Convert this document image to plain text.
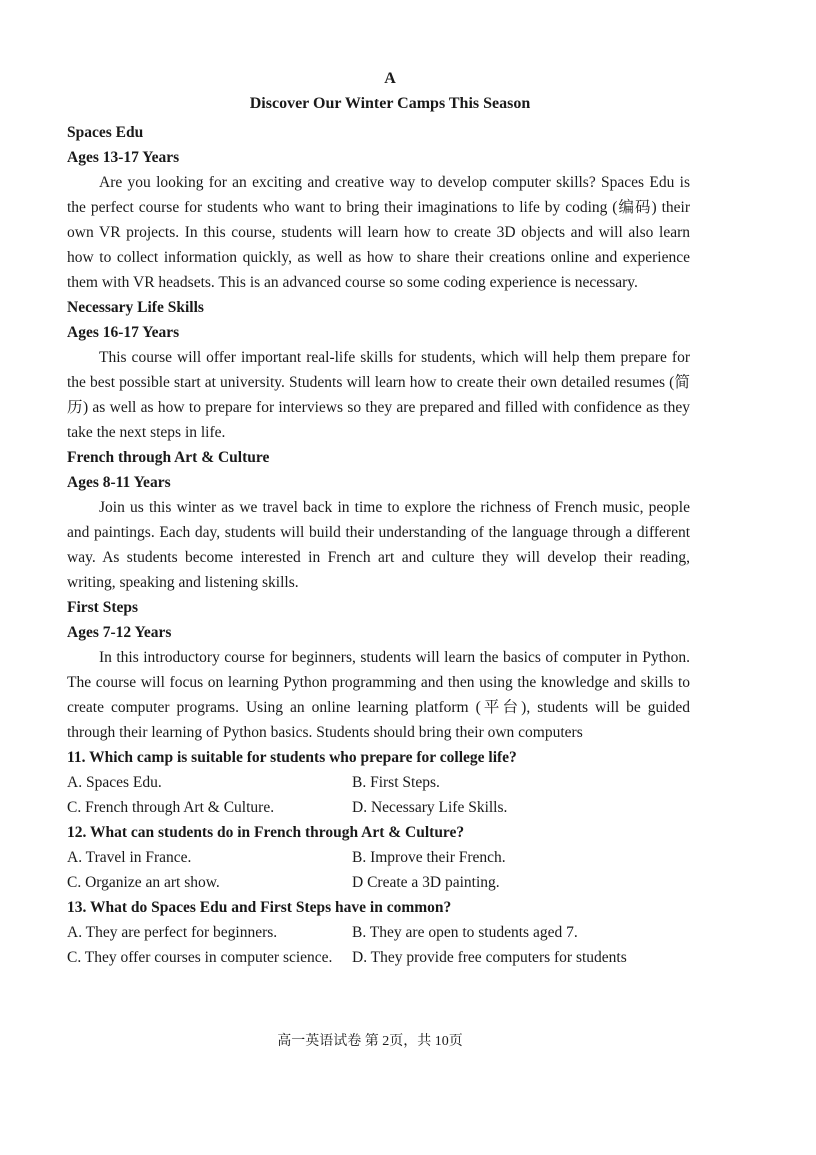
A
Discover Our Winter Camps This Season

Spaces Edu

Ages 13-17 Years

Are you looking for an exciting and creative way to develop computer skills? Spaces Edu is the perfect course for students who want to bring their imaginations to life by coding (编码) their own VR projects. In this course, students will learn how to create 3D objects and will also learn how to collect information quickly, as well as how to share their creations online and experience them with VR headsets. This is an advanced course so some coding experience is necessary.

Necessary Life Skills

Ages 16-17 Years

This course will offer important real-life skills for students, which will help them prepare for the best possible start at university. Students will learn how to create their own detailed resumes (简历) as well as how to prepare for interviews so they are prepared and filled with confidence as they take the next steps in life.

French through Art & Culture

Ages 8-11 Years

Join us this winter as we travel back in time to explore the richness of French music, people and paintings. Each day, students will build their understanding of the language through a different way. As students become interested in French art and culture they will develop their reading, writing, speaking and listening skills.

First Steps

Ages 7-12 Years

In this introductory course for beginners, students will learn the basics of computer in Python. The course will focus on learning Python programming and then using the knowledge and skills to create computer programs. Using an online learning platform (平台), students will be guided through their learning of Python basics. Students should bring their own computers

11. Which camp is suitable for students who prepare for college life?

A. Spaces Edu.	B. First Steps.
C. French through Art & Culture.	D. Necessary Life Skills.

12. What can students do in French through Art & Culture?

A. Travel in France.	B. Improve their French.
C. Organize an art show.	D Create a 3D painting.

13. What do Spaces Edu and First Steps have in common?

A. They are perfect for beginners.	B. They are open to students aged 7.
C. They offer courses in computer science.	D. They provide free computers for students
高一英语试卷 第 2页，共 10页
